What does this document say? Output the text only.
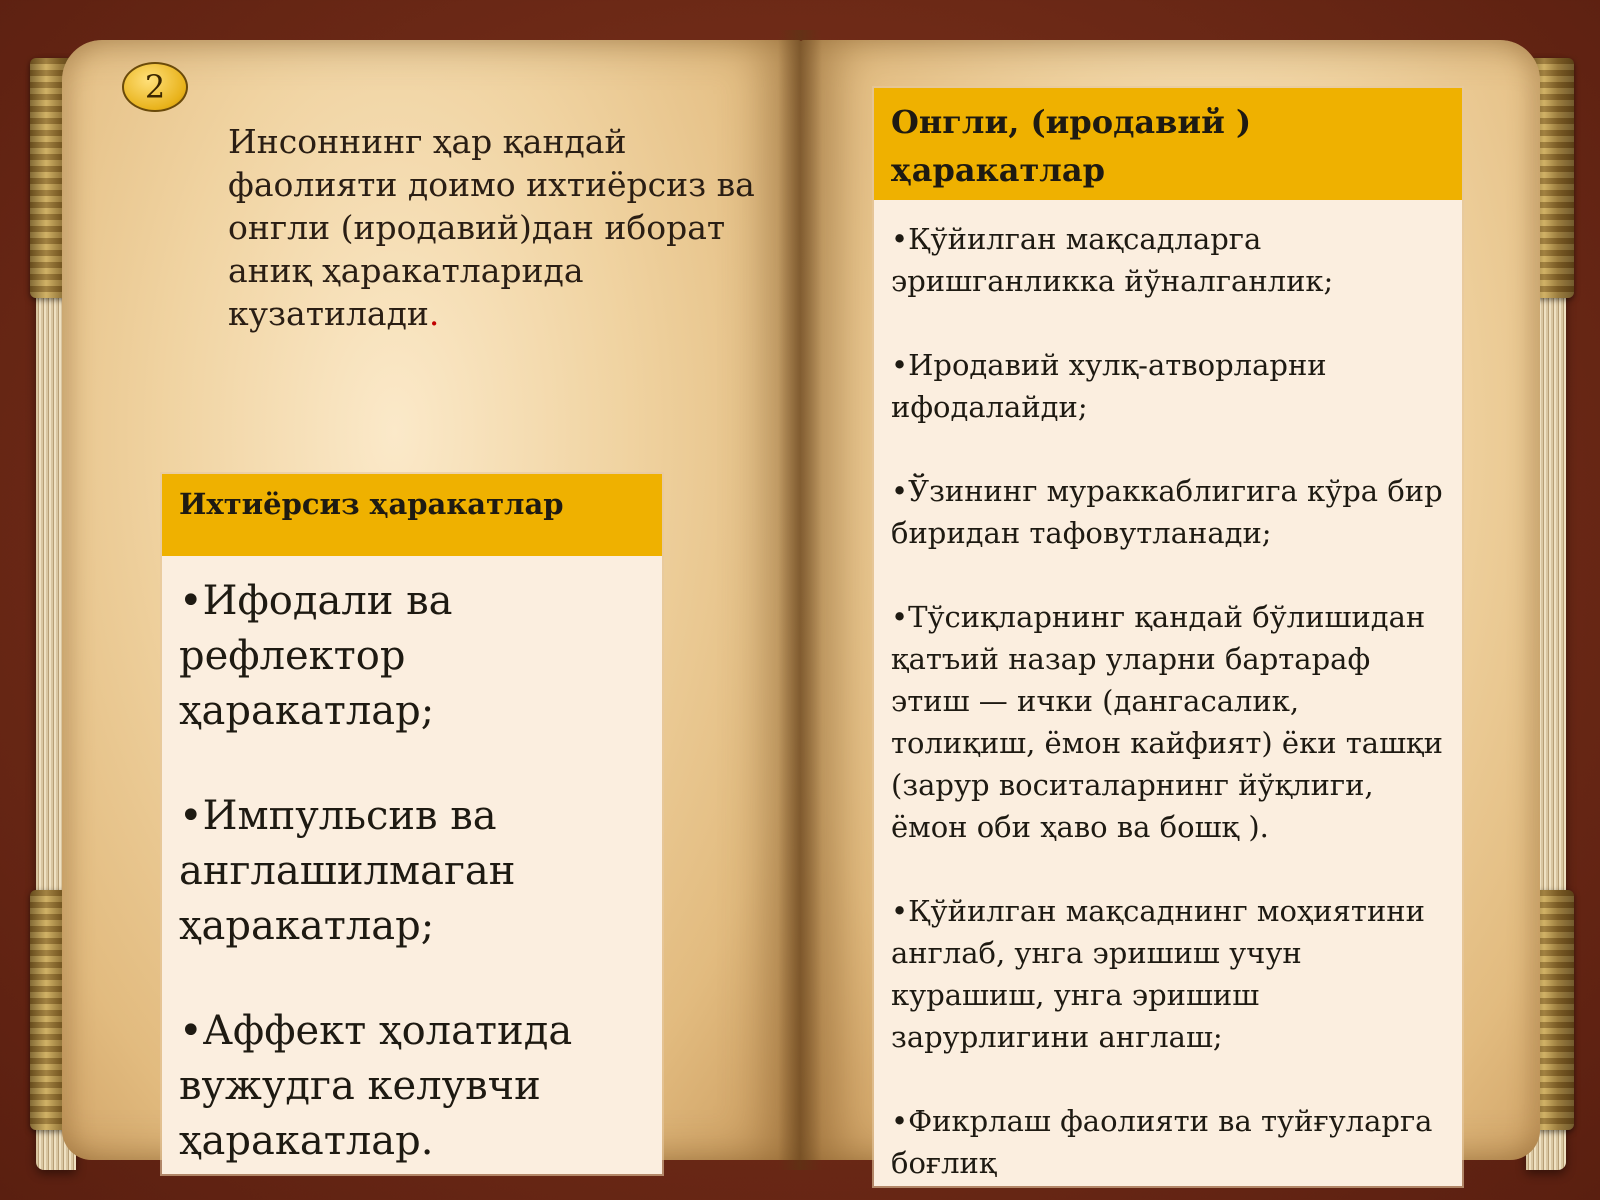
2
Инсоннинг ҳар қандай фаолияти доимо ихтиёрсиз ва онгли (иродавий)дан иборат аниқ ҳаракатларида кузатилади.
Ихтиёрсиз ҳаракатлар
•Ифодали ва рефлектор ҳаракатлар;
•Импульсив ва англашилмаган ҳаракатлар;
•Аффект ҳолатида вужудга келувчи ҳаракатлар.
Онгли, (иродавий ) ҳаракатлар
•Қўйилган мақсадларга эришганликка йўналганлик;
•Иродавий хулқ-атворларни ифодалайди;
•Ўзининг мураккаблигига кўра бир биридан тафовутланади;
•Тўсиқларнинг қандай бўлишидан қатъий назар уларни бартараф этиш — ички (дангасалик, толиқиш, ёмон кайфият) ёки ташқи (зарур воситаларнинг йўқлиги, ёмон оби ҳаво ва бошқ ).
•Қўйилган мақсаднинг моҳиятини англаб, унга эришиш учун курашиш, унга эришиш зарурлигини англаш;
•Фикрлаш фаолияти ва туйғуларга боғлиқ
